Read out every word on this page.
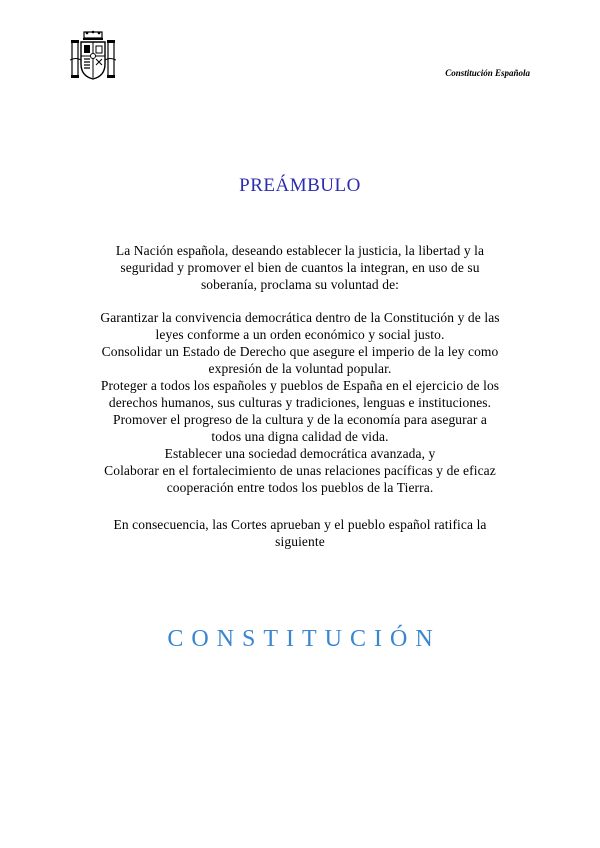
Constitución Española
PREÁMBULO

La Nación española, deseando establecer la justicia, la libertad y la

seguridad y promover el bien de cuantos la integran, en uso de su

soberanía, proclama su voluntad de:

Garantizar la convivencia democrática dentro de la Constitución y de las

leyes conforme a un orden económico y social justo.

Consolidar un Estado de Derecho que asegure el imperio de la ley como

expresión de la voluntad popular.

Proteger a todos los españoles y pueblos de España en el ejercicio de los

derechos humanos, sus culturas y tradiciones, lenguas e instituciones.

Promover el progreso de la cultura y de la economía para asegurar a

todos una digna calidad de vida.

Establecer una sociedad democrática avanzada, y

Colaborar en el fortalecimiento de unas relaciones pacíficas y de eficaz

cooperación entre todos los pueblos de la Tierra.

En consecuencia, las Cortes aprueban y el pueblo español ratifica la

siguiente

CONSTITUCIÓN
